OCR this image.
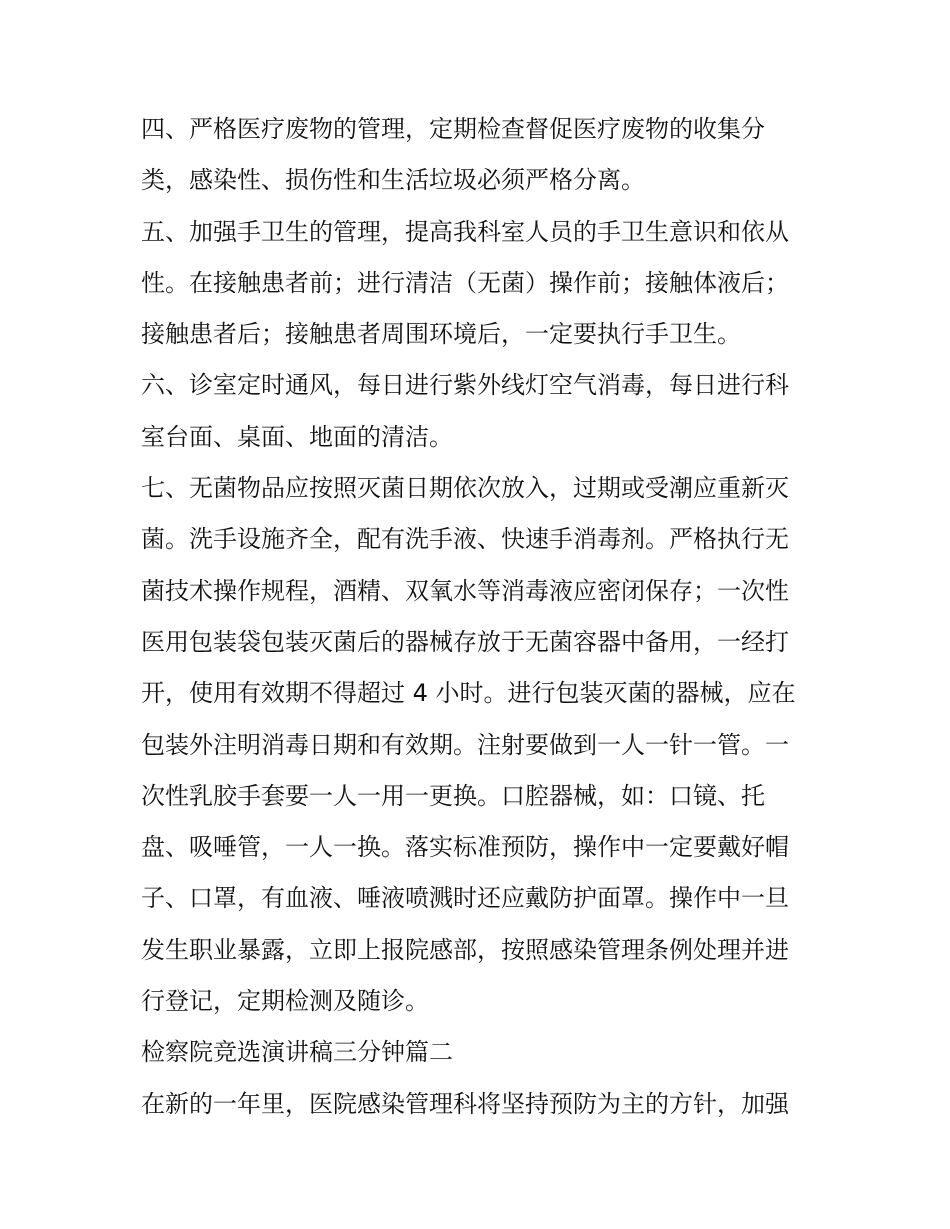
四、严格医疗废物的管理，定期检查督促医疗废物的收集分
类，感染性、损伤性和生活垃圾必须严格分离。
五、加强手卫生的管理，提高我科室人员的手卫生意识和依从
性。在接触患者前；进行清洁（无菌）操作前；接触体液后；
接触患者后；接触患者周围环境后，一定要执行手卫生。
六、诊室定时通风，每日进行紫外线灯空气消毒，每日进行科
室台面、桌面、地面的清洁。
七、无菌物品应按照灭菌日期依次放入，过期或受潮应重新灭
菌。洗手设施齐全，配有洗手液、快速手消毒剂。严格执行无
菌技术操作规程，酒精、双氧水等消毒液应密闭保存；一次性
医用包装袋包装灭菌后的器械存放于无菌容器中备用，一经打
开，使用有效期不得超过 4 小时。进行包装灭菌的器械，应在
包装外注明消毒日期和有效期。注射要做到一人一针一管。一
次性乳胶手套要一人一用一更换。口腔器械，如：口镜、托
盘、吸唾管，一人一换。落实标准预防，操作中一定要戴好帽
子、口罩，有血液、唾液喷溅时还应戴防护面罩。操作中一旦
发生职业暴露，立即上报院感部，按照感染管理条例处理并进
行登记，定期检测及随诊。
检察院竞选演讲稿三分钟篇二
在新的一年里，医院感染管理科将坚持预防为主的方针，加强
